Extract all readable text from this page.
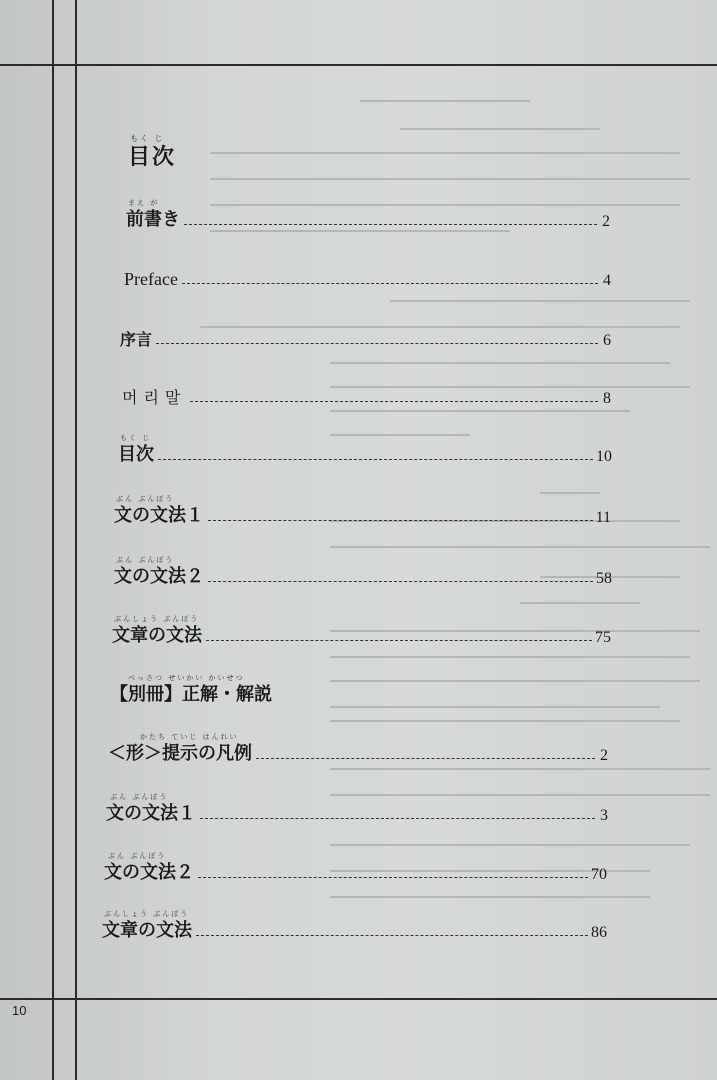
もく じ
目次
まえ が
前書き	2
Preface	4
序言	6
머리말	8
もく じ
目次	10
ぶん ぶんぽう
文の文法１	11
ぶん ぶんぽう
文の文法２	58
ぶんしょう ぶんぽう
文章の文法	75
べっさつ せいかい かいせつ
【別冊】正解・解説
かたち ていじ はんれい
＜形＞提示の凡例	2
ぶん ぶんぽう
文の文法１	3
ぶん ぶんぽう
文の文法２	70
ぶんしょう ぶんぽう
文章の文法	86
10
